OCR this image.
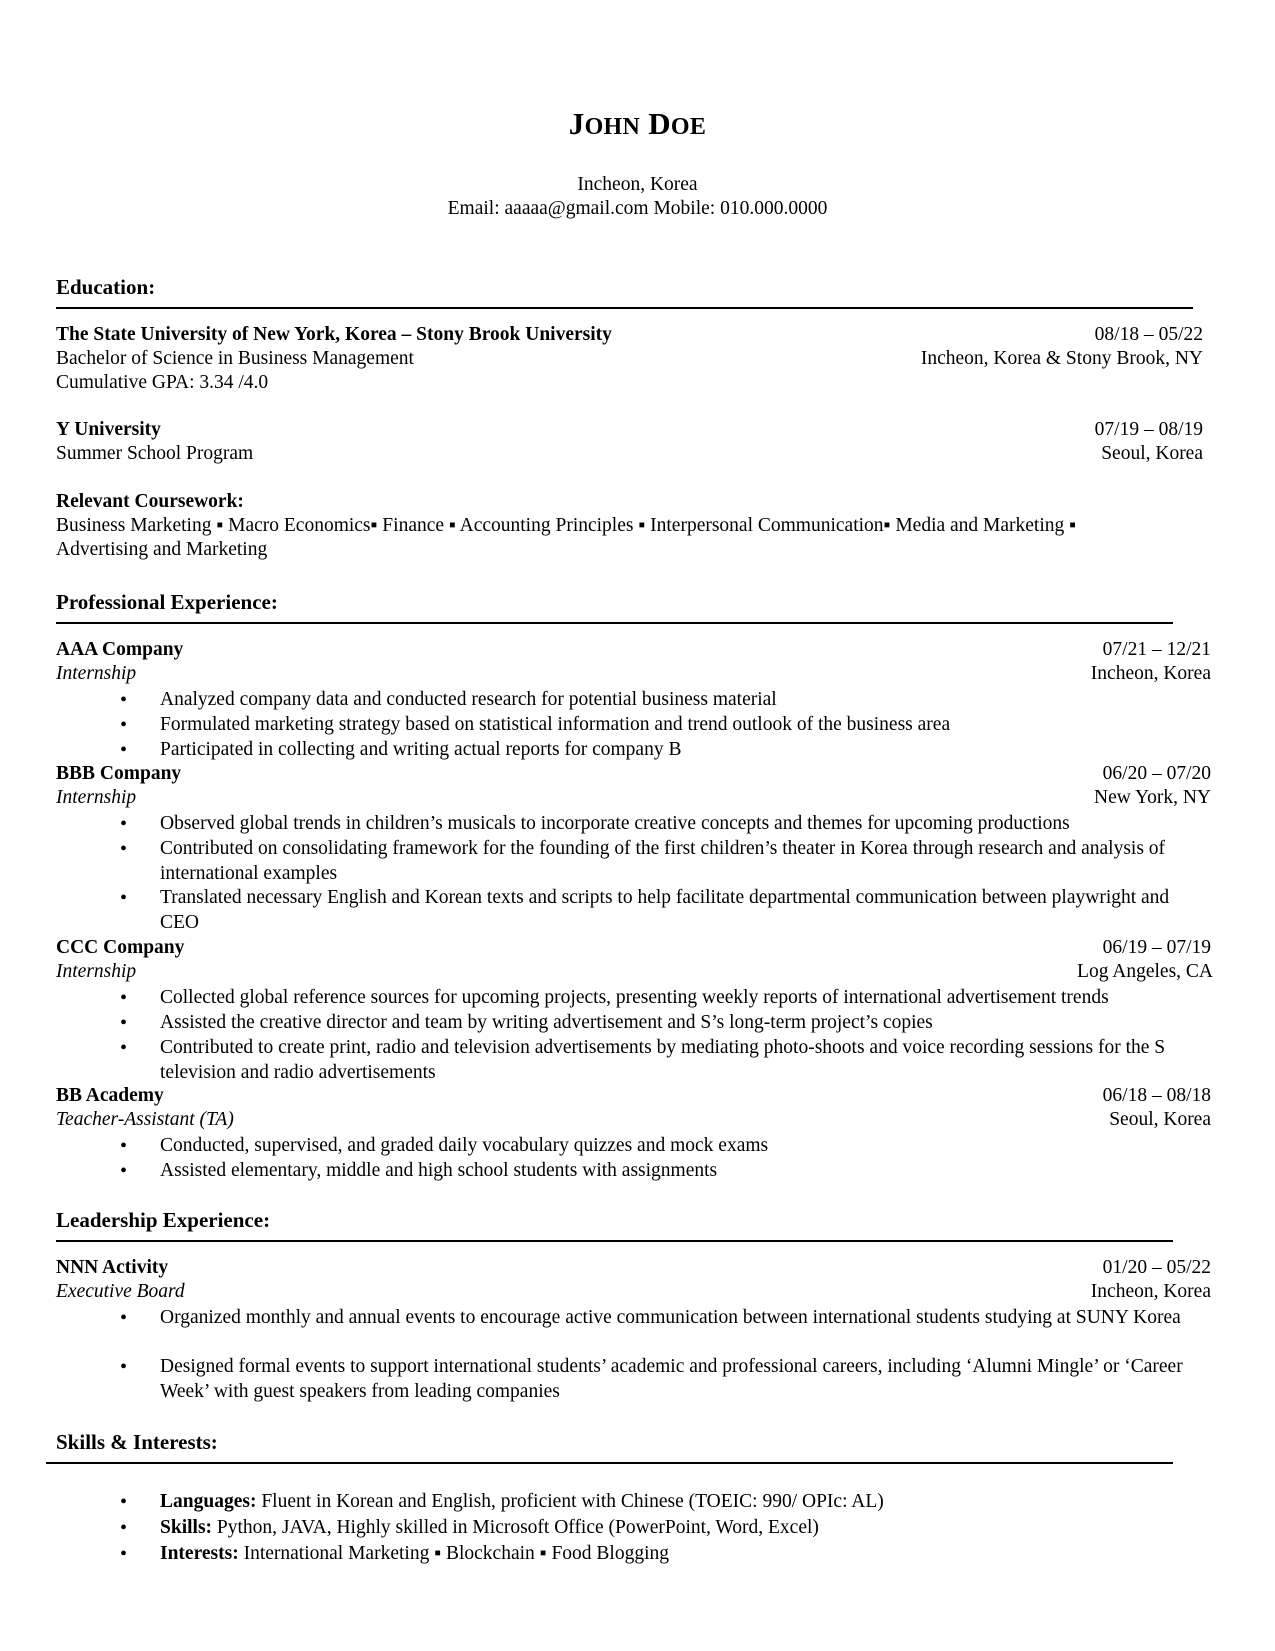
JOHN DOE
Incheon, Korea
Email: aaaaa@gmail.com Mobile: 010.000.0000
Education:
The State University of New York, Korea – Stony Brook University	08/18 – 05/22
Bachelor of Science in Business Management	Incheon, Korea & Stony Brook, NY
Cumulative GPA: 3.34 /4.0
Y University	07/19 – 08/19
Summer School Program	Seoul, Korea
Relevant Coursework:
Business Marketing ▪ Macro Economics▪ Finance ▪ Accounting Principles ▪ Interpersonal Communication▪ Media and Marketing ▪
Advertising and Marketing
Professional Experience:
AAA Company	07/21 – 12/21
Internship	Incheon, Korea
• Analyzed company data and conducted research for potential business material
• Formulated marketing strategy based on statistical information and trend outlook of the business area
• Participated in collecting and writing actual reports for company B
BBB Company	06/20 – 07/20
Internship	New York, NY
• Observed global trends in children’s musicals to incorporate creative concepts and themes for upcoming productions
• Contributed on consolidating framework for the founding of the first children’s theater in Korea through research and analysis of international examples
• Translated necessary English and Korean texts and scripts to help facilitate departmental communication between playwright and CEO
CCC Company	06/19 – 07/19
Internship	Log Angeles, CA
• Collected global reference sources for upcoming projects, presenting weekly reports of international advertisement trends
• Assisted the creative director and team by writing advertisement and S’s long-term project’s copies
• Contributed to create print, radio and television advertisements by mediating photo-shoots and voice recording sessions for the S television and radio advertisements
BB Academy	06/18 – 08/18
Teacher-Assistant (TA)	Seoul, Korea
• Conducted, supervised, and graded daily vocabulary quizzes and mock exams
• Assisted elementary, middle and high school students with assignments
Leadership Experience:
NNN Activity	01/20 – 05/22
Executive Board	Incheon, Korea
• Organized monthly and annual events to encourage active communication between international students studying at SUNY Korea
• Designed formal events to support international students’ academic and professional careers, including ‘Alumni Mingle’ or ‘Career Week’ with guest speakers from leading companies
Skills & Interests:
• Languages: Fluent in Korean and English, proficient with Chinese (TOEIC: 990/ OPIc: AL)
• Skills: Python, JAVA, Highly skilled in Microsoft Office (PowerPoint, Word, Excel)
• Interests: International Marketing ▪ Blockchain ▪ Food Blogging
